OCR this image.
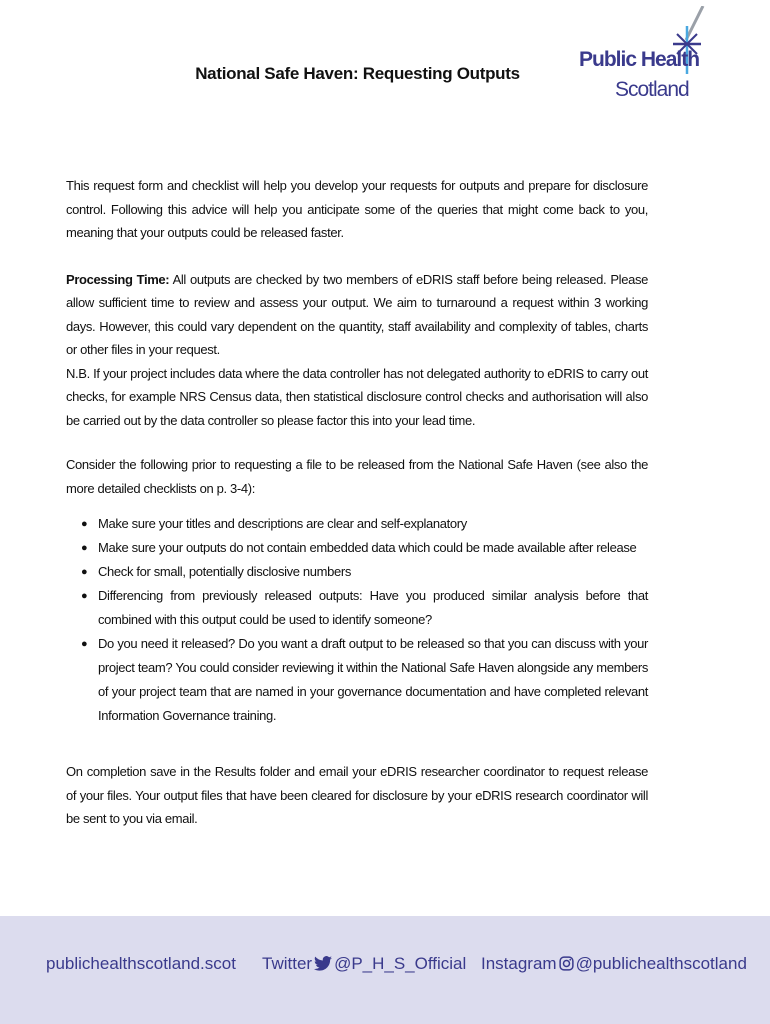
National Safe Haven: Requesting Outputs
Public Health
Scotland

This request form and checklist will help you develop your requests for outputs and prepare for disclosure control. Following this advice will help you anticipate some of the queries that might come back to you, meaning that your outputs could be released faster.

Processing Time: All outputs are checked by two members of eDRIS staff before being released. Please allow sufficient time to review and assess your output. We aim to turnaround a request within 3 working days. However, this could vary dependent on the quantity, staff availability and complexity of tables, charts or other files in your request.

N.B. If your project includes data where the data controller has not delegated authority to eDRIS to carry out checks, for example NRS Census data, then statistical disclosure control checks and authorisation will also be carried out by the data controller so please factor this into your lead time.

Consider the following prior to requesting a file to be released from the National Safe Haven (see also the more detailed checklists on p. 3-4):

● Make sure your titles and descriptions are clear and self-explanatory
● Make sure your outputs do not contain embedded data which could be made available after release
● Check for small, potentially disclosive numbers
● Differencing from previously released outputs: Have you produced similar analysis before that combined with this output could be used to identify someone?
● Do you need it released? Do you want a draft output to be released so that you can discuss with your project team? You could consider reviewing it within the National Safe Haven alongside any members of your project team that are named in your governance documentation and have completed relevant Information Governance training.

On completion save in the Results folder and email your eDRIS researcher coordinator to request release of your files. Your output files that have been cleared for disclosure by your eDRIS research coordinator will be sent to you via email.

publichealthscotland.scot Twitter @P_H_S_Official Instagram @publichealthscotland
